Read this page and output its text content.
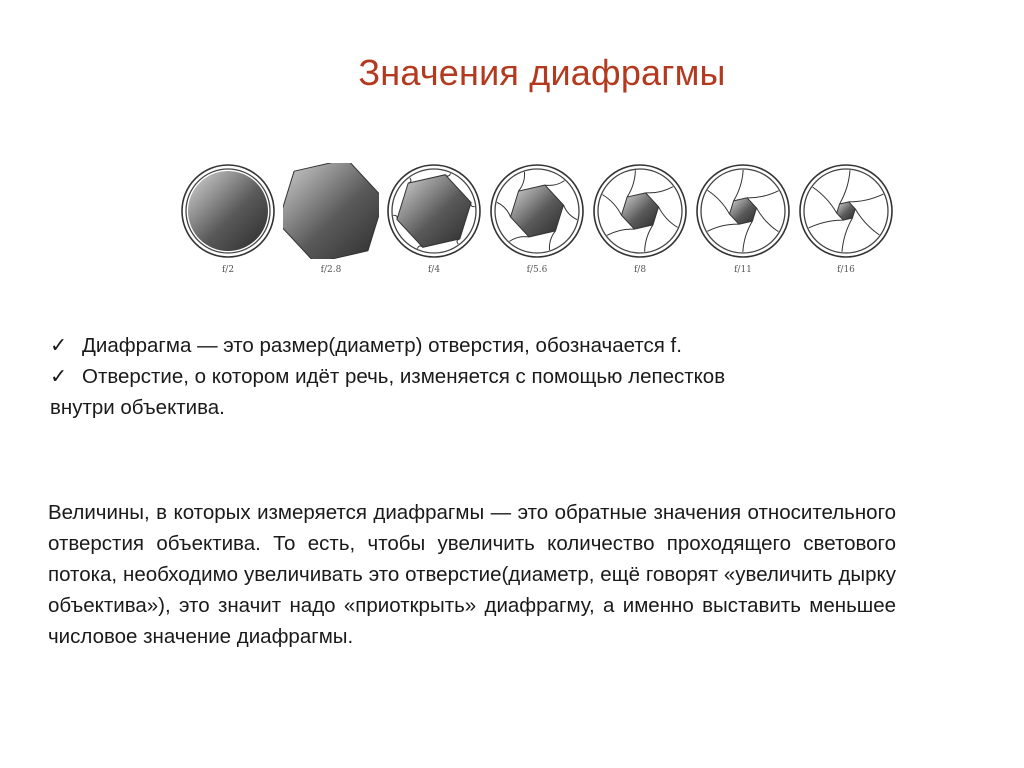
Значения диафрагмы
f/2	f/2.8	f/4	f/5.6	f/8	f/11	f/16
✓ Диафрагма — это размер(диаметр) отверстия, обозначается f.
✓ Отверстие, о котором идёт речь, изменяется с помощью лепестков
внутри объектива.
Величины, в которых измеряется диафрагмы — это обратные значения относительного отверстия объектива. То есть, чтобы увеличить количество проходящего светового потока, необходимо увеличивать это отверстие(диаметр, ещё говорят «увеличить дырку объектива»), это значит надо «приоткрыть» диафрагму, а именно выставить меньшее числовое значение диафрагмы.
